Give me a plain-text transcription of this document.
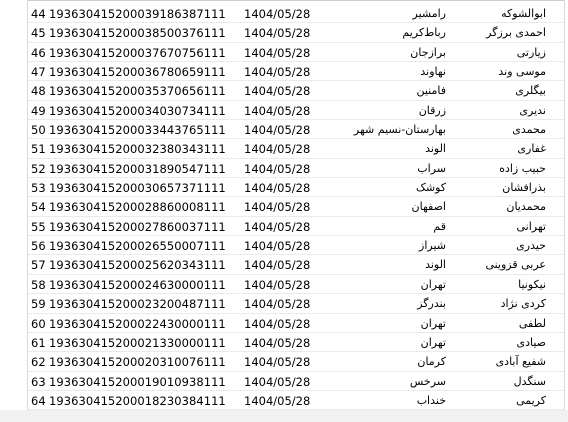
44 19363041520003918638711​1 1404/05/28	رامشیر	ابوالشوکه
45 193630415200038500376111 1404/05/28	رباط‌کریم	احمدی برزگر
46 193630415200037670756111 1404/05/28	برازجان	زیارتی
47 193630415200036780659111 1404/05/28	نهاوند	موسی وند
48 193630415200035370656111 1404/05/28	فامنین	بیگلری
49 193630415200034030734111 1404/05/28	زرقان	ندیری
50 193630415200033443765111 1404/05/28	بهارستان-نسیم شهر	محمدی
51 193630415200032380343111 1404/05/28	الوند	غفاری
52 193630415200031890547111 1404/05/28	سراب	حبیب زاده
53 193630415200030657371111 1404/05/28	کوشک	بذرافشان
54 193630415200028860008111 1404/05/28	اصفهان	محمدیان
55 193630415200027860037111 1404/05/28	قم	تهرانی
56 193630415200026550007111 1404/05/28	شیراز	حیدری
57 193630415200025620343111 1404/05/28	الوند	عربی قزوینی
58 193630415200024630000111 1404/05/28	تهران	نیکونیا
59 193630415200023200487111 1404/05/28	بندرگز	کردی نژاد
60 193630415200022430000111 1404/05/28	تهران	لطفی
61 193630415200021330000111 1404/05/28	تهران	صیادی
62 193630415200020310076111 1404/05/28	کرمان	شفیع آبادی
63 193630415200019010938111 1404/05/28	سرخس	سنگدل
64 193630415200018230384111 1404/05/28	خنداب	کریمی
